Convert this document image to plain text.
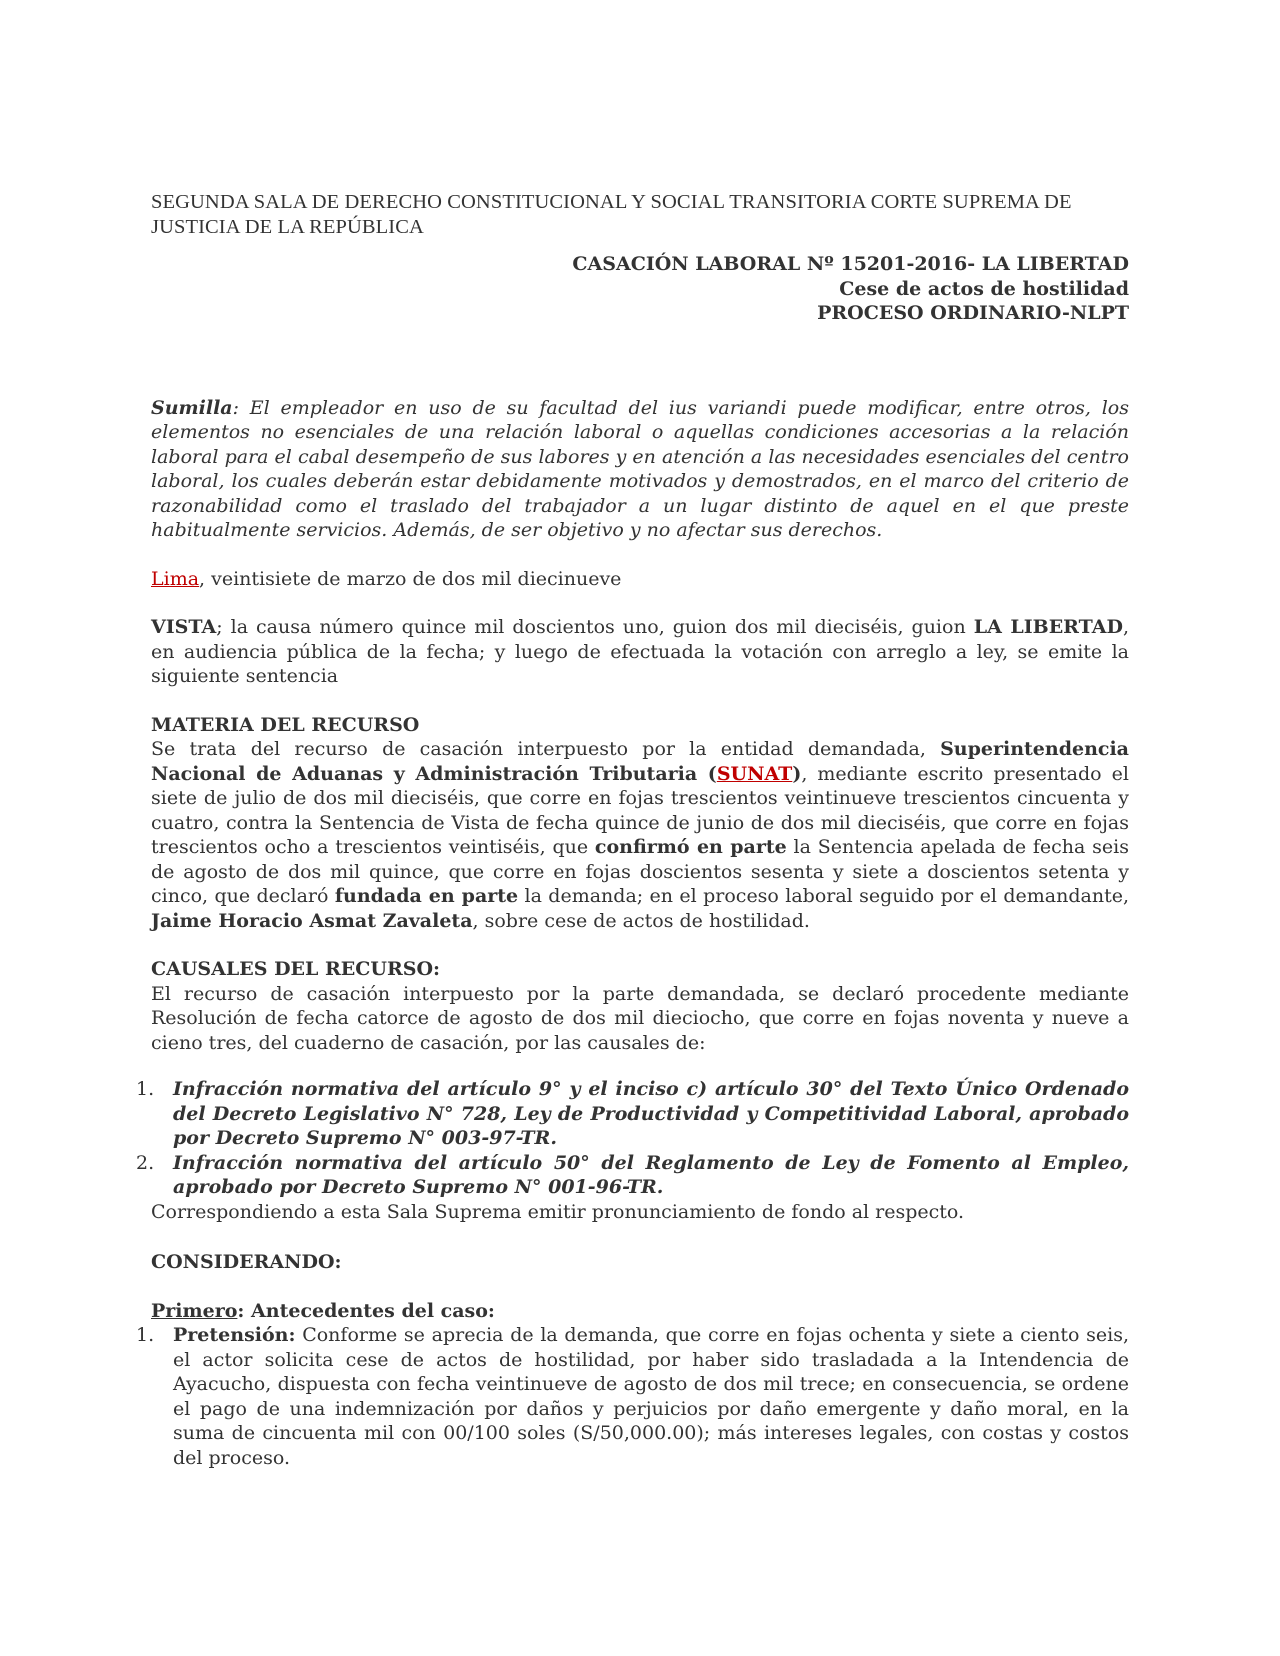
SEGUNDA SALA DE DERECHO CONSTITUCIONAL Y SOCIAL TRANSITORIA CORTE SUPREMA DE JUSTICIA DE LA REPÚBLICA

CASACIÓN LABORAL Nº 15201-2016- LA LIBERTAD
Cese de actos de hostilidad
PROCESO ORDINARIO-NLPT

Sumilla: El empleador en uso de su facultad del ius variandi puede modificar, entre otros, los elementos no esenciales de una relación laboral o aquellas condiciones accesorias a la relación laboral para el cabal desempeño de sus labores y en atención a las necesidades esenciales del centro laboral, los cuales deberán estar debidamente motivados y demostrados, en el marco del criterio de razonabilidad como el traslado del trabajador a un lugar distinto de aquel en el que preste habitualmente servicios. Además, de ser objetivo y no afectar sus derechos.

Lima, veintisiete de marzo de dos mil diecinueve

VISTA; la causa número quince mil doscientos uno, guion dos mil dieciséis, guion LA LIBERTAD, en audiencia pública de la fecha; y luego de efectuada la votación con arreglo a ley, se emite la siguiente sentencia

MATERIA DEL RECURSO

Se trata del recurso de casación interpuesto por la entidad demandada, Superintendencia Nacional de Aduanas y Administración Tributaria (SUNAT), mediante escrito presentado el siete de julio de dos mil dieciséis, que corre en fojas trescientos veintinueve trescientos cincuenta y cuatro, contra la Sentencia de Vista de fecha quince de junio de dos mil dieciséis, que corre en fojas trescientos ocho a trescientos veintiséis, que confirmó en parte la Sentencia apelada de fecha seis de agosto de dos mil quince, que corre en fojas doscientos sesenta y siete a doscientos setenta y cinco, que declaró fundada en parte la demanda; en el proceso laboral seguido por el demandante, Jaime Horacio Asmat Zavaleta, sobre cese de actos de hostilidad.

CAUSALES DEL RECURSO:

El recurso de casación interpuesto por la parte demandada, se declaró procedente mediante Resolución de fecha catorce de agosto de dos mil dieciocho, que corre en fojas noventa y nueve a cieno tres, del cuaderno de casación, por las causales de:

1. Infracción normativa del artículo 9° y el inciso c) artículo 30° del Texto Único Ordenado del Decreto Legislativo N° 728, Ley de Productividad y Competitividad Laboral, aprobado por Decreto Supremo N° 003-97-TR.
2. Infracción normativa del artículo 50° del Reglamento de Ley de Fomento al Empleo, aprobado por Decreto Supremo N° 001-96-TR.

Correspondiendo a esta Sala Suprema emitir pronunciamiento de fondo al respecto.

CONSIDERANDO:

Primero: Antecedentes del caso:

1. Pretensión: Conforme se aprecia de la demanda, que corre en fojas ochenta y siete a ciento seis, el actor solicita cese de actos de hostilidad, por haber sido trasladada a la Intendencia de Ayacucho, dispuesta con fecha veintinueve de agosto de dos mil trece; en consecuencia, se ordene el pago de una indemnización por daños y perjuicios por daño emergente y daño moral, en la suma de cincuenta mil con 00/100 soles (S/50,000.00); más intereses legales, con costas y costos del proceso.
